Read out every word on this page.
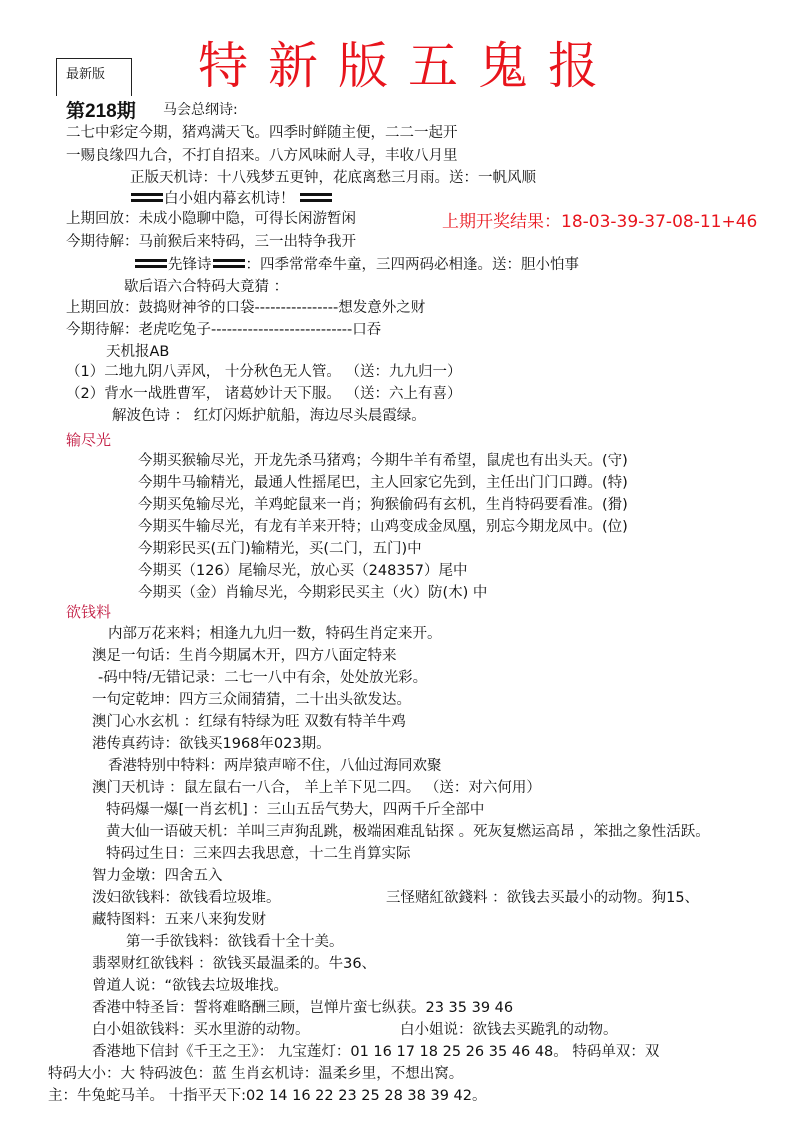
最新版 特新版五鬼报
第218期 马会总纲诗:
上期开奖结果：18-03-39-37-08-11+46
白小姐内幕玄机诗！
先锋诗 ：四季常常牵牛童，三四两码必相逢。送：胆小怕事
输尽光
欲钱料
二七中彩定今期，猪鸡满天飞。四季时鲜随主便，二二一起开
一赐良缘四九合，不打自招来。八方风味耐人寻，丰收八月里
正版天机诗：十八残梦五更钟，花底离愁三月雨。送：一帆风顺
上期回放：未成小隐聊中隐，可得长闲游暂闲
今期待解：马前猴后来特码，三一出特争我开
歇后语六合特码大竟猜 ：
上期回放：鼓捣财神爷的口袋----------------想发意外之财
今期待解：老虎吃兔子---------------------------口吞
天机报AB
（1）二地九阴八弄风， 十分秋色无人管。 （送：九九归一）
（2）背水一战胜曹军， 诸葛妙计天下服。 （送：六上有喜）
解波色诗 ： 红灯闪烁护航船，海边尽头晨霞绿。
今期买猴输尽光，开龙先杀马猪鸡；今期牛羊有希望，鼠虎也有出头天。(守)
今期牛马输精光，最通人性摇尾巴，主人回家它先到，主任出门门口蹲。(特)
今期买兔输尽光，羊鸡蛇鼠来一肖；狗猴偷码有玄机，生肖特码要看准。(猾)
今期买牛输尽光，有龙有羊来开特；山鸡变成金凤凰，别忘今期龙凤中。(位)
今期彩民买(五门)输精光，买(二门，五门)中
今期买（126）尾输尽光，放心买（248357）尾中
今期买（金）肖输尽光，今期彩民买主（火）防(木) 中
内部万花来料；相逢九九归一数，特码生肖定来开。
澳足一句话：生肖今期属木开，四方八面定特来
-码中特/无错记录：二七一八中有余，处处放光彩。
一句定乾坤：四方三众闹猜猜，二十出头欲发达。
澳门心水玄机 ：红绿有特绿为旺 双数有特羊牛鸡
港传真药诗：欲钱买1968年023期。
香港特别中特料：两岸猿声啼不住，八仙过海同欢聚
澳门天机诗 ：鼠左鼠右一八合， 羊上羊下见二四。 （送：对六何用）
特码爆一爆[一肖玄机] ：三山五岳气势大，四两千斤全部中
黄大仙一语破天机：羊叫三声狗乱跳，极端困难乱钻探 。死灰复燃运高昂 ，笨拙之象性活跃。
特码过生日：三来四去我思意，十二生肖算实际
智力金墩：四舍五入
泼妇欲钱料：欲钱看垃圾堆。	三怪赌紅欲錢料 ：欲钱去买最小的动物。狗15、
藏特图料：五来八来狗发财
第一手欲钱料：欲钱看十全十美。
翡翠财红欲钱料 ：欲钱买最温柔的。牛36、
曾道人说：“欲钱去垃圾堆找。
香港中特圣旨：誓将难略酬三顾，岂惮片蛮七纵获。23 35 39 46
白小姐欲钱料：买水里游的动物。	白小姐说：欲钱去买跪乳的动物。
香港地下信封《千王之王》： 九宝莲灯：01 16 17 18 25 26 35 46 48。 特码单双：双
特码大小：大 特码波色：蓝 生肖玄机诗：温柔乡里，不想出窝。
主：牛兔蛇马羊。 十指平天下:02 14 16 22 23 25 28 38 39 42。
